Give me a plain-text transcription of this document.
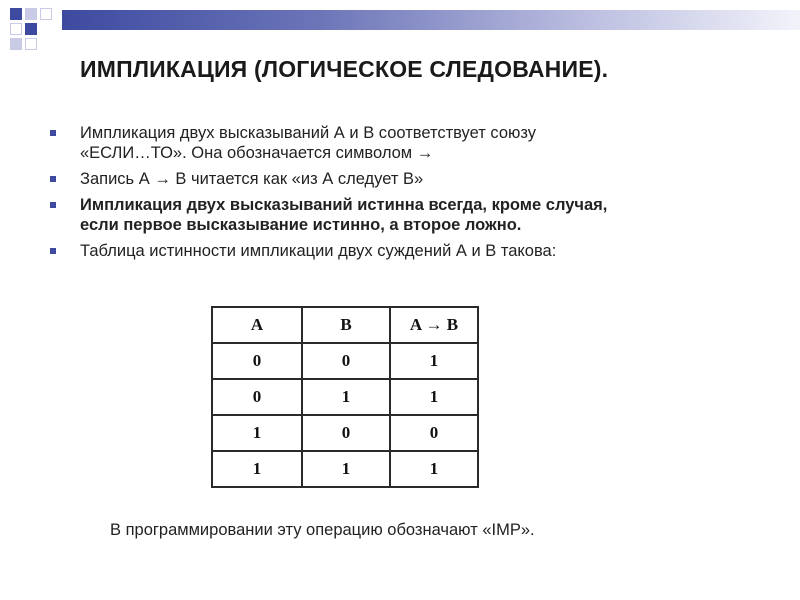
ИМПЛИКАЦИЯ (ЛОГИЧЕСКОЕ СЛЕДОВАНИЕ).
Импликация двух высказываний А и В соответствует союзу
«ЕСЛИ…ТО». Она обозначается символом →
Запись А → В читается как «из А следует В»
Импликация двух высказываний истинна всегда, кроме случая,
если первое высказывание истинно, а второе ложно.
Таблица истинности импликации двух суждений А и В такова:
A	B	A → B
0	0	1
0	1	1
1	0	0
1	1	1
В программировании эту операцию обозначают «IMP».
